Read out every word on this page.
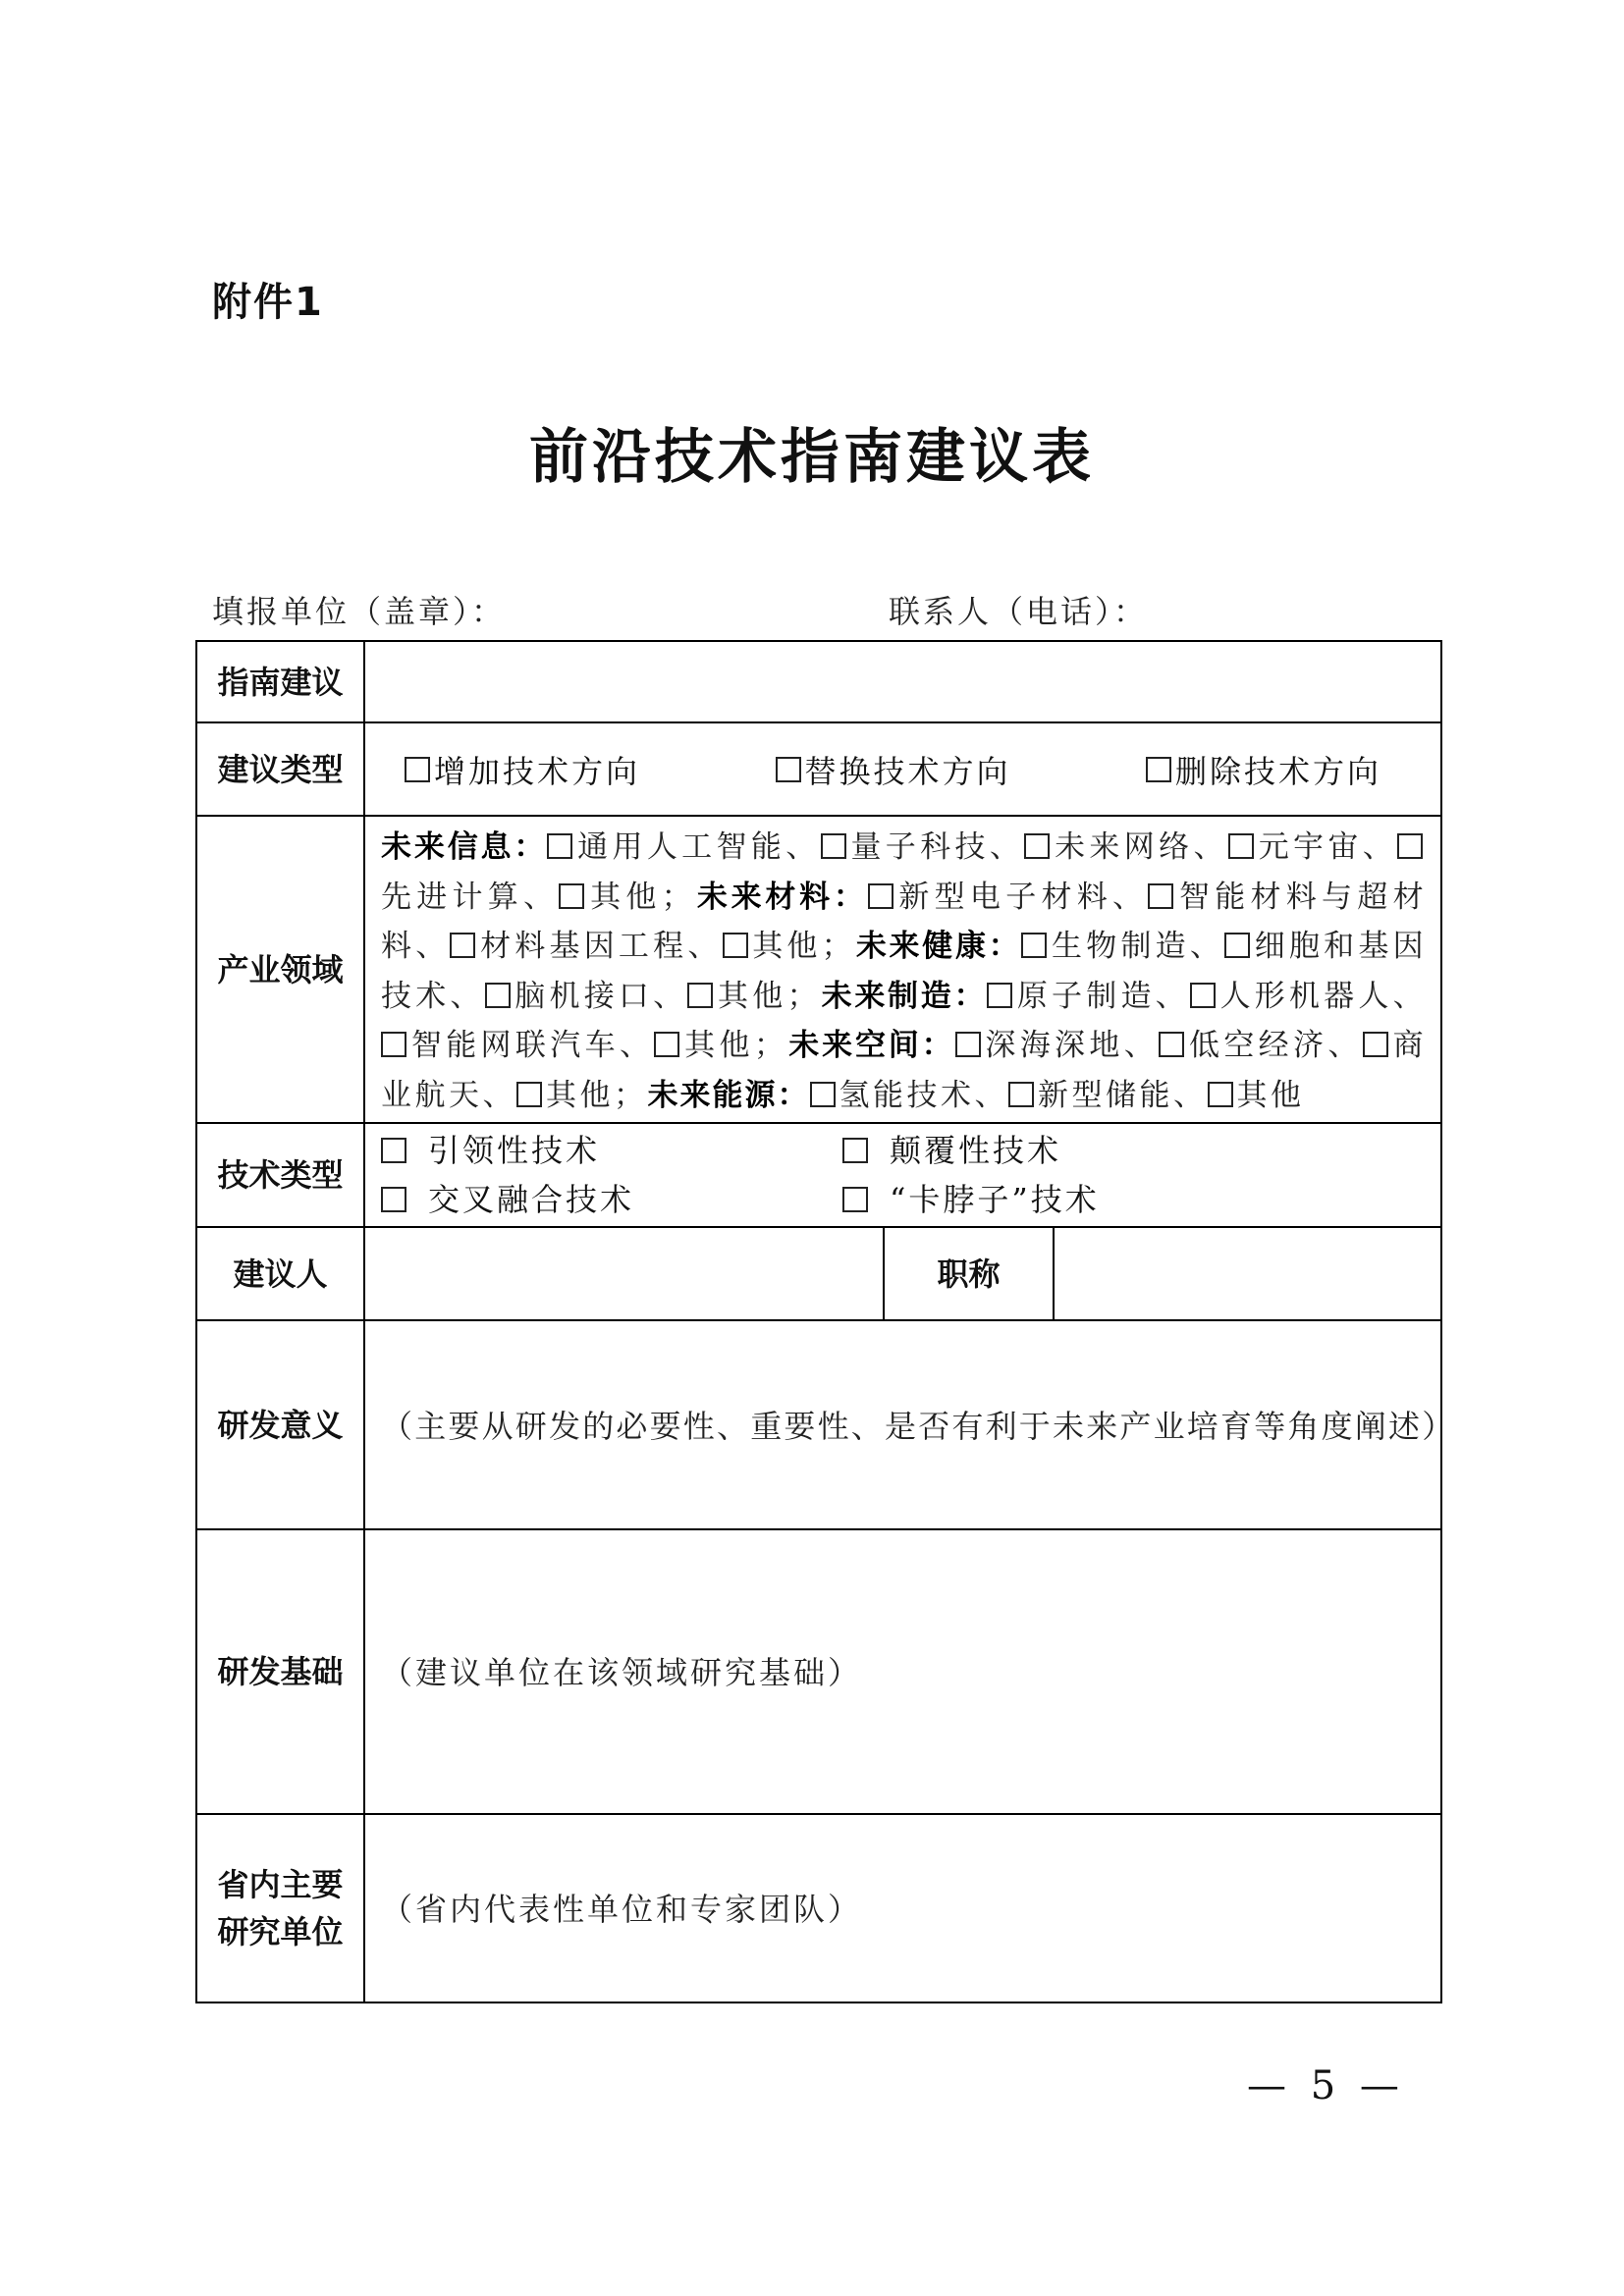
附件1
前沿技术指南建议表
填报单位（盖章）：	联系人（电话）：
指南建议			
建议类型	增加技术方向 替换技术方向 删除技术方向		

产业领域	未来信息： 通用人工智能、 量子科技、 未来网络、 元宇宙、先进计算、 其他；未来材料： 新型电子材料、 智能材料与超材料、 材料基因工程、 其他；未来健康： 生物制造、 细胞和基因技术、 脑机接口、 其他；未来制造： 原子制造、 人形机器人、智能网联汽车、 其他；未来空间： 深海深地、 低空经济、 商业航天、 其他；未来能源： 氢能技术、 新型储能、 其他		

技术类型	引领性技术 颠覆性技术
交叉融合技术 “卡脖子”技术		

建议人		职称	
研发意义	（主要从研发的必要性、重要性、是否有利于未来产业培育等角度阐述）		

研发基础	（建议单位在该领域研究基础）		

省内主要研究单位	（省内代表性单位和专家团队）		
— 5 —
